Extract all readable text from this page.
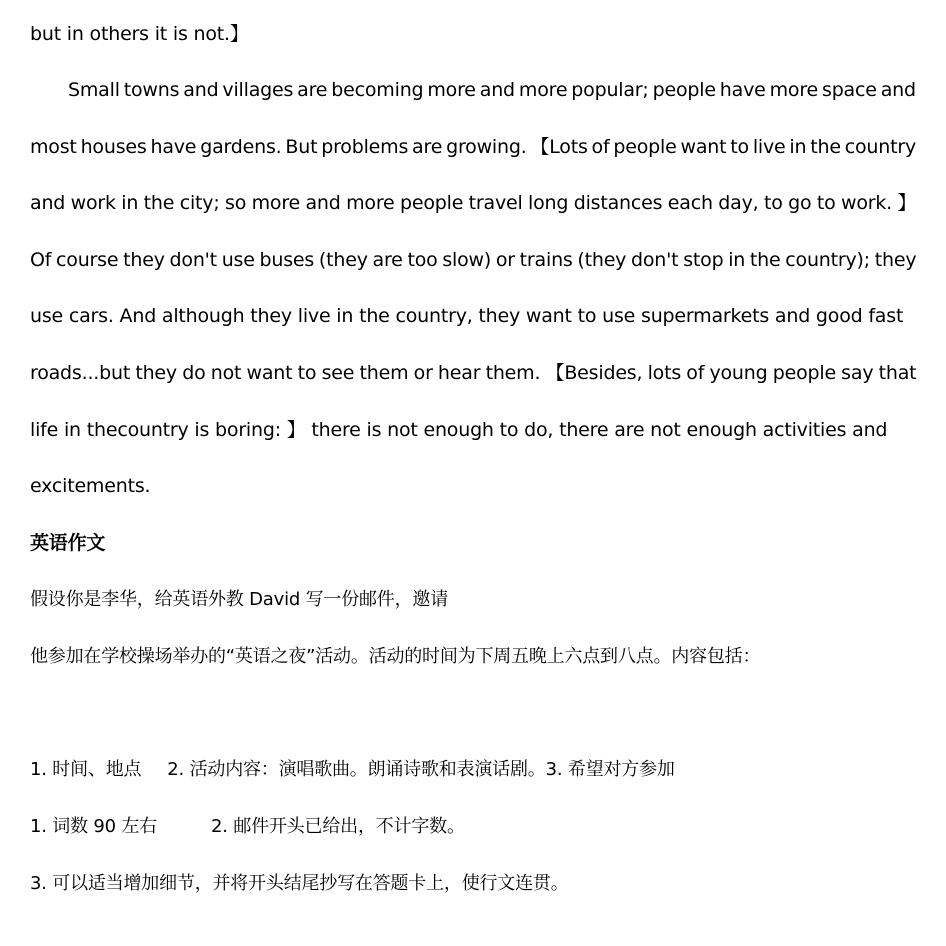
but in others it is not.】
Small towns and villages are becoming more and more popular; people have more space and
most houses have gardens. But problems are growing. 【Lots of people want to live in the country
and work in the city; so more and more people travel long distances each day, to go to work. 】
Of course they don't use buses (they are too slow) or trains (they don't stop in the country); they
use cars. And although they live in the country, they want to use supermarkets and good fast
roads...but they do not want to see them or hear them. 【Besides, lots of young people say that
life in thecountry is boring: 】 there is not enough to do, there are not enough activities and
excitements.
英语作文
假设你是李华，给英语外教 David 写一份邮件，邀请
他参加在学校操场举办的“英语之夜”活动。活动的时间为下周五晚上六点到八点。内容包括：
1. 时间、地点 2. 活动内容：演唱歌曲。朗诵诗歌和表演话剧。3. 希望对方参加
1. 词数 90 左右	2. 邮件开头已给出，不计字数。
3. 可以适当增加细节，并将开头结尾抄写在答题卡上，使行文连贯。
